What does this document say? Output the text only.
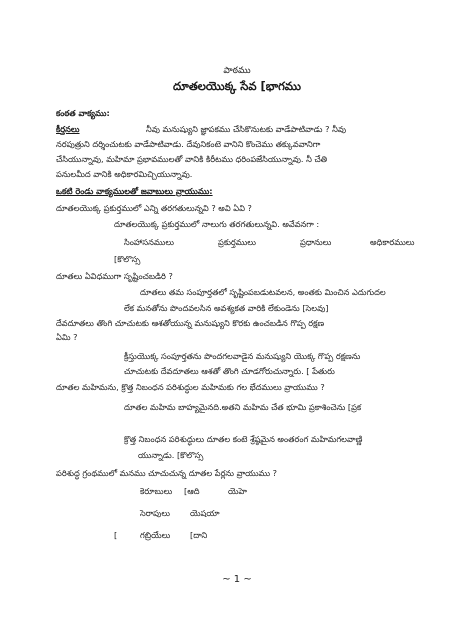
పాఠము
దూతలయొక్క సేవ [భాగము
కంఠత వాక్యము:
కీర్తనలు	నీవు మనుష్యుని జ్ఞాపకము చేసికొనుటకు వాడేపాటివాడు ? నీవు
నరపుత్రుని దర్శించుటకు వాడేపాటివాడు. దేవునికంటె వానిని కొంచెము తక్కువవానిగా
చేసియున్నావు, మహిమా ప్రభావములతో వానికి కిరీటము ధరింపజేసియున్నావు. నీ చేతి
పనులమీద వానికి అధికారమిచ్చియున్నావు.
ఒకటి రెండు వాక్యములతో జవాబులు వ్రాయుము:
దూతలయొక్క ప్రకుర్తములో ఎన్ని తరగతులున్నవి ? అవి ఏవి ?
దూతలయొక్క ప్రకుర్తములో నాలుగు తరగతులున్నవి. అవేవనగా :
సింహాసనములు	ప్రకుర్తములు	ప్రధానులు	అధికారములు
[కొలొస్స
దూతలు ఏవిధముగా సృష్టించబడిరి ?
దూతలు తమ సంపూర్తతలో సృష్టింపబడుటవలన, అంతకు మించిన ఎదుగుదల
లేక మనతోను పొందవలసిన అవశ్యకత వారికి లేకుండెను [సెలవు]
దేవదూతలు తొంగి చూచుటకు ఆశతోయున్న మనుష్యుని కొరకు ఉంచబడిన గొప్ప రక్షణ
ఏమి ?
క్రీస్తుయొక్క సంపూర్తతను పొందగలవాడైన మనుష్యుని యొక్క గొప్ప రక్షణను
చూచుటకు దేవదూతలు ఆశతో తొంగి చూడగోరుచున్నారు. [ పేతురు
దూతల మహిమను, క్రొత్త నిబంధన పరిశుద్ధుల మహిమకు గల భేదములు వ్రాయుము ?
దూతల మహిమ బాహ్యమైనది.అతని మహిమ చేత భూమి ప్రకాశించెను [ప్రక
క్రొత్త నిబంధన పరిశుద్ధులు దూతల కంటె శ్రేష్ఠమైన అంతరంగ మహిమగలవాణ్ణి
యున్నాడు. [కొలొస్స
పరిశుద్ధ గ్రంథములో మనము చూచుచున్న దూతల పేర్లను వ్రాయుము ?
కెరూబులు [ఆది	యెహె
సెరాపులు యెషయా
[	గబ్రియేలు [దాని
~ 1 ~
